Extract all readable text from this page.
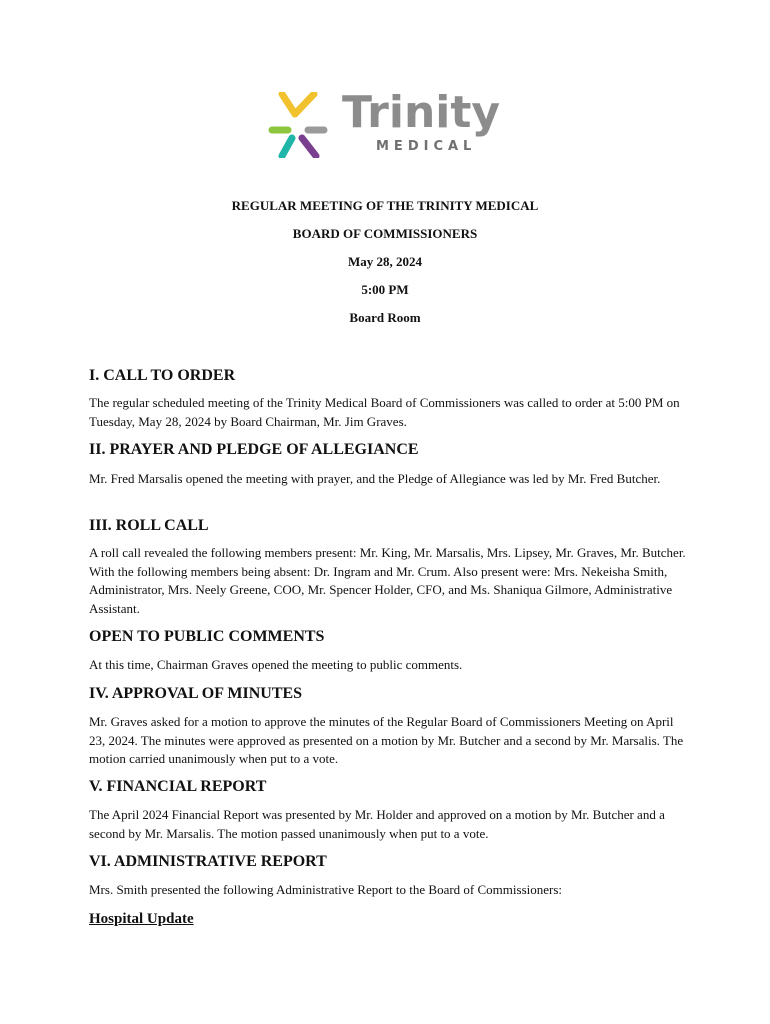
Trinity
MEDICAL
REGULAR MEETING OF THE TRINITY MEDICAL
BOARD OF COMMISSIONERS
May 28, 2024
5:00 PM
Board Room
I. CALL TO ORDER

The regular scheduled meeting of the Trinity Medical Board of Commissioners was called to order at 5:00 PM on Tuesday, May 28, 2024 by Board Chairman, Mr. Jim Graves.

II. PRAYER AND PLEDGE OF ALLEGIANCE

Mr. Fred Marsalis opened the meeting with prayer, and the Pledge of Allegiance was led by Mr. Fred Butcher.

III. ROLL CALL

A roll call revealed the following members present: Mr. King, Mr. Marsalis, Mrs. Lipsey, Mr. Graves, Mr. Butcher. With the following members being absent: Dr. Ingram and Mr. Crum. Also present were: Mrs. Nekeisha Smith, Administrator, Mrs. Neely Greene, COO, Mr. Spencer Holder, CFO, and Ms. Shaniqua Gilmore, Administrative Assistant.

OPEN TO PUBLIC COMMENTS

At this time, Chairman Graves opened the meeting to public comments.

IV. APPROVAL OF MINUTES

Mr. Graves asked for a motion to approve the minutes of the Regular Board of Commissioners Meeting on April 23, 2024. The minutes were approved as presented on a motion by Mr. Butcher and a second by Mr. Marsalis. The motion carried unanimously when put to a vote.

V. FINANCIAL REPORT

The April 2024 Financial Report was presented by Mr. Holder and approved on a motion by Mr. Butcher and a second by Mr. Marsalis. The motion passed unanimously when put to a vote.

VI. ADMINISTRATIVE REPORT

Mrs. Smith presented the following Administrative Report to the Board of Commissioners:

Hospital Update
